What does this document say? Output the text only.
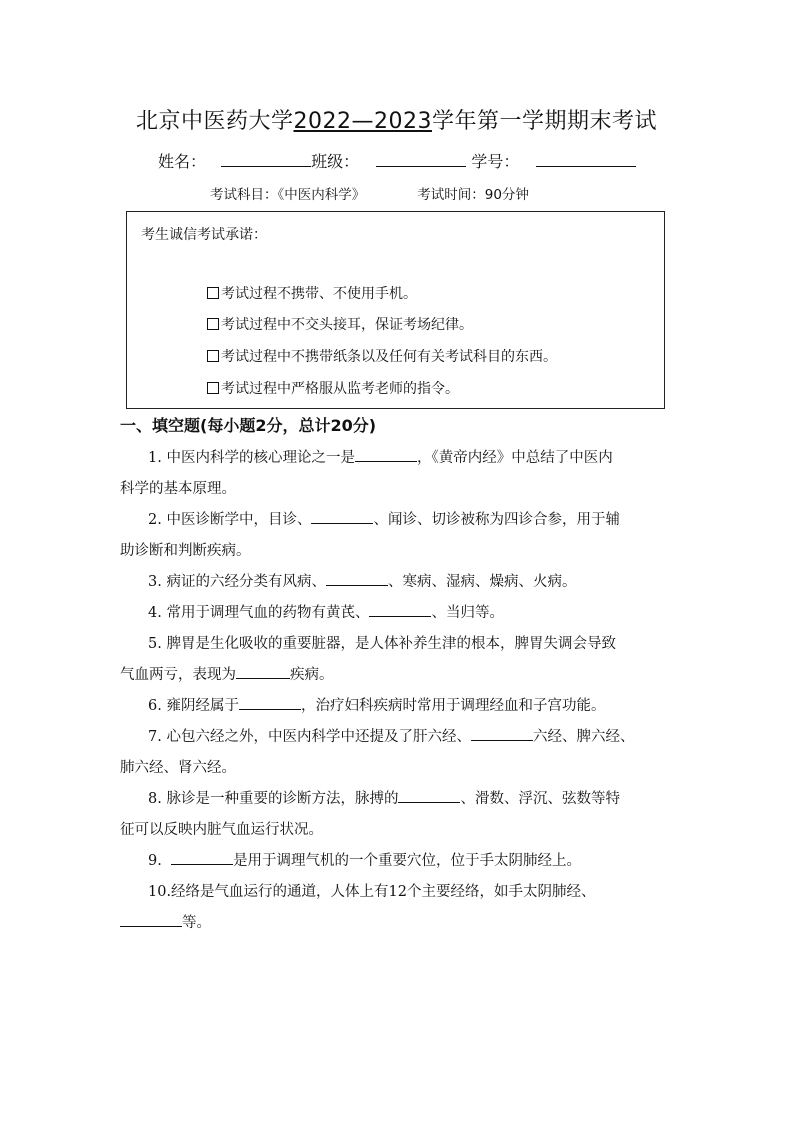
北京中医药大学2022—2023学年第一学期期末考试
姓名：	班级：	学号：
考试科目：《中医内科学》	考试时间：90分钟
考生诚信考试承诺：
考试过程不携带、不使用手机。
考试过程中不交头接耳，保证考场纪律。
考试过程中不携带纸条以及任何有关考试科目的东西。
考试过程中严格服从监考老师的指令。
一、填空题(每小题2分，总计20分)
1. 中医内科学的核心理论之一是	，《黄帝内经》中总结了中医内
科学的基本原理。
2. 中医诊断学中，目诊、	、闻诊、切诊被称为四诊合参，用于辅
助诊断和判断疾病。
3. 病证的六经分类有风病、	、寒病、湿病、燥病、火病。
4. 常用于调理气血的药物有黄芪、	、当归等。
5. 脾胃是生化吸收的重要脏器，是人体补养生津的根本，脾胃失调会导致
气血两亏，表现为	疾病。
6. 雍阴经属于	，治疗妇科疾病时常用于调理经血和子宫功能。
7. 心包六经之外，中医内科学中还提及了肝六经、	六经、脾六经、
肺六经、肾六经。
8. 脉诊是一种重要的诊断方法，脉搏的	、滑数、浮沉、弦数等特
征可以反映内脏气血运行状况。
9.	是用于调理气机的一个重要穴位，位于手太阴肺经上。
10.经络是气血运行的通道，人体上有12个主要经络，如手太阴肺经、
等。
